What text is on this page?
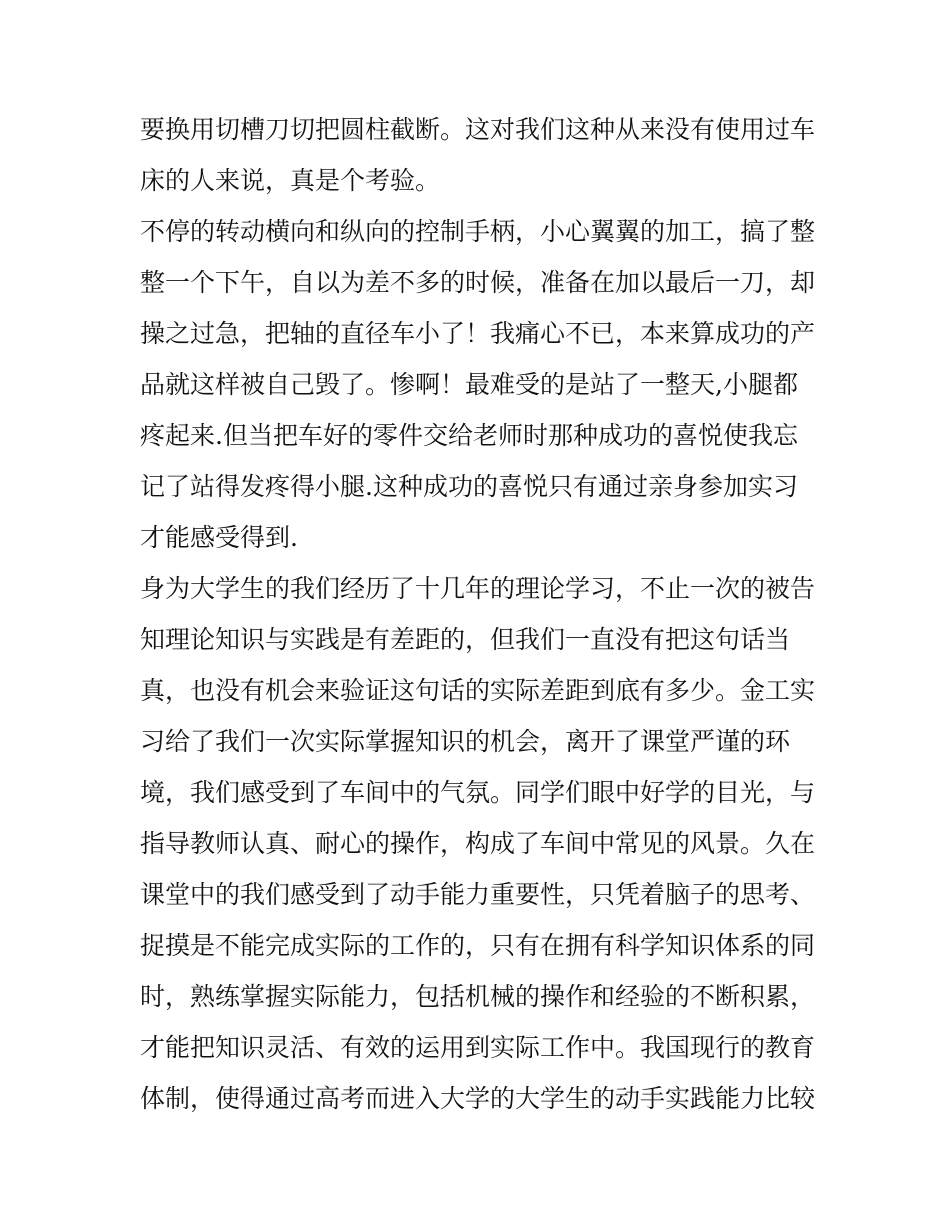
要换用切槽刀切把圆柱截断。这对我们这种从来没有使用过车
床的人来说，真是个考验。
不停的转动横向和纵向的控制手柄，小心翼翼的加工，搞了整
整一个下午，自以为差不多的时候，准备在加以最后一刀，却
操之过急，把轴的直径车小了！我痛心不已，本来算成功的产
品就这样被自己毁了。惨啊！最难受的是站了一整天,小腿都
疼起来.但当把车好的零件交给老师时那种成功的喜悦使我忘
记了站得发疼得小腿.这种成功的喜悦只有通过亲身参加实习
才能感受得到.
身为大学生的我们经历了十几年的理论学习，不止一次的被告
知理论知识与实践是有差距的，但我们一直没有把这句话当
真，也没有机会来验证这句话的实际差距到底有多少。金工实
习给了我们一次实际掌握知识的机会，离开了课堂严谨的环
境，我们感受到了车间中的气氛。同学们眼中好学的目光，与
指导教师认真、耐心的操作，构成了车间中常见的风景。久在
课堂中的我们感受到了动手能力重要性，只凭着脑子的思考、
捉摸是不能完成实际的工作的，只有在拥有科学知识体系的同
时，熟练掌握实际能力，包括机械的操作和经验的不断积累，
才能把知识灵活、有效的运用到实际工作中。我国现行的教育
体制，使得通过高考而进入大学的大学生的动手实践能力比较
